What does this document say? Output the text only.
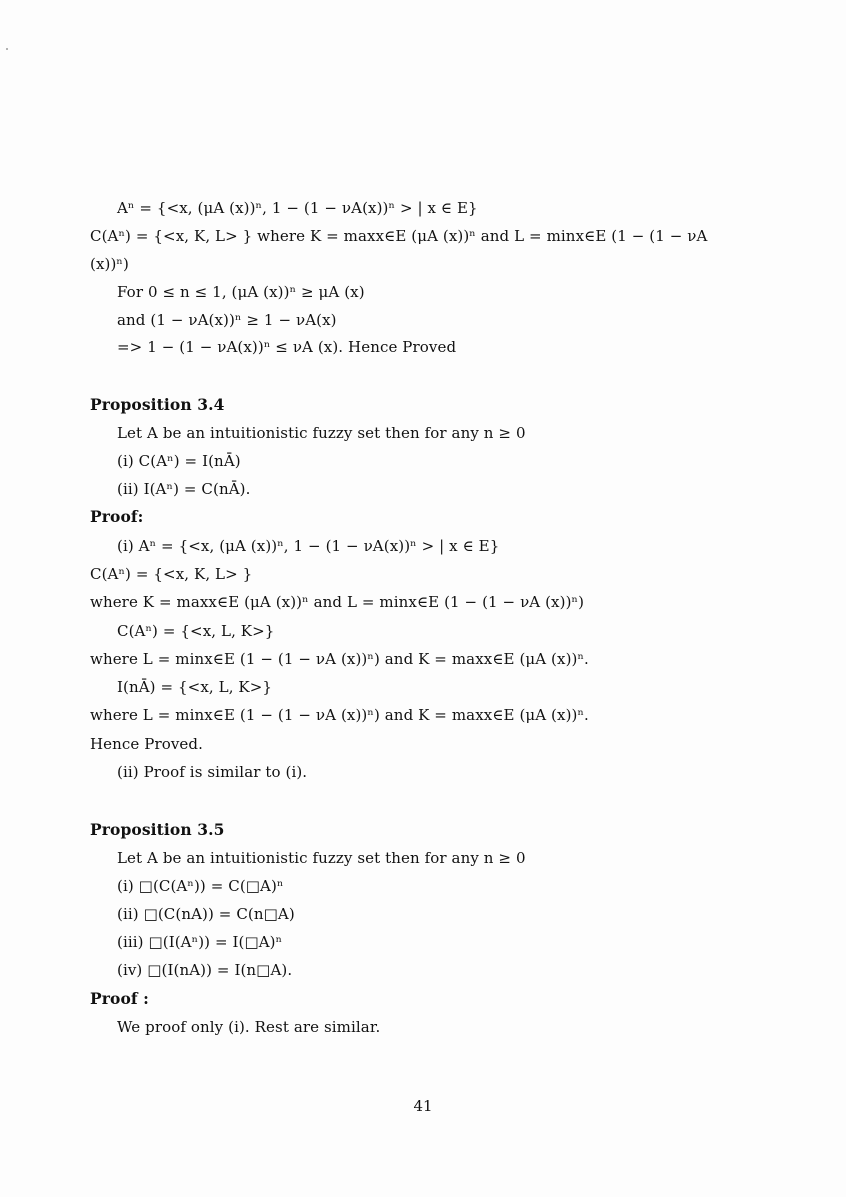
Aⁿ = {<x, (μA (x))ⁿ, 1 − (1 − νA(x))ⁿ > | x ∈ E}
C(Aⁿ) = {<x, K, L> } where K = maxx∈E (μA (x))ⁿ and L = minx∈E (1 − (1 − νA
(x))ⁿ)
For 0 ≤ n ≤ 1, (μA (x))ⁿ ≥ μA (x)
and (1 − νA(x))ⁿ ≥ 1 − νA(x)
=> 1 − (1 − νA(x))ⁿ ≤ νA (x). Hence Proved
Proposition 3.4
Let A be an intuitionistic fuzzy set then for any n ≥ 0
(i) C(Aⁿ) = I(nĀ)
(ii) I(Aⁿ) = C(nĀ).
Proof:
(i) Aⁿ = {<x, (μA (x))ⁿ, 1 − (1 − νA(x))ⁿ > | x ∈ E}
C(Aⁿ) = {<x, K, L> }
where K = maxx∈E (μA (x))ⁿ and L = minx∈E (1 − (1 − νA (x))ⁿ)
C(Aⁿ) = {<x, L, K>}
where L = minx∈E (1 − (1 − νA (x))ⁿ) and K = maxx∈E (μA (x))ⁿ.
I(nĀ) = {<x, L, K>}
where L = minx∈E (1 − (1 − νA (x))ⁿ) and K = maxx∈E (μA (x))ⁿ.
Hence Proved.
(ii) Proof is similar to (i).
Proposition 3.5
Let A be an intuitionistic fuzzy set then for any n ≥ 0
(i) □(C(Aⁿ)) = C(□A)ⁿ
(ii) □(C(nA)) = C(n□A)
(iii) □(I(Aⁿ)) = I(□A)ⁿ
(iv) □(I(nA)) = I(n□A).
Proof :
We proof only (i). Rest are similar.
41
